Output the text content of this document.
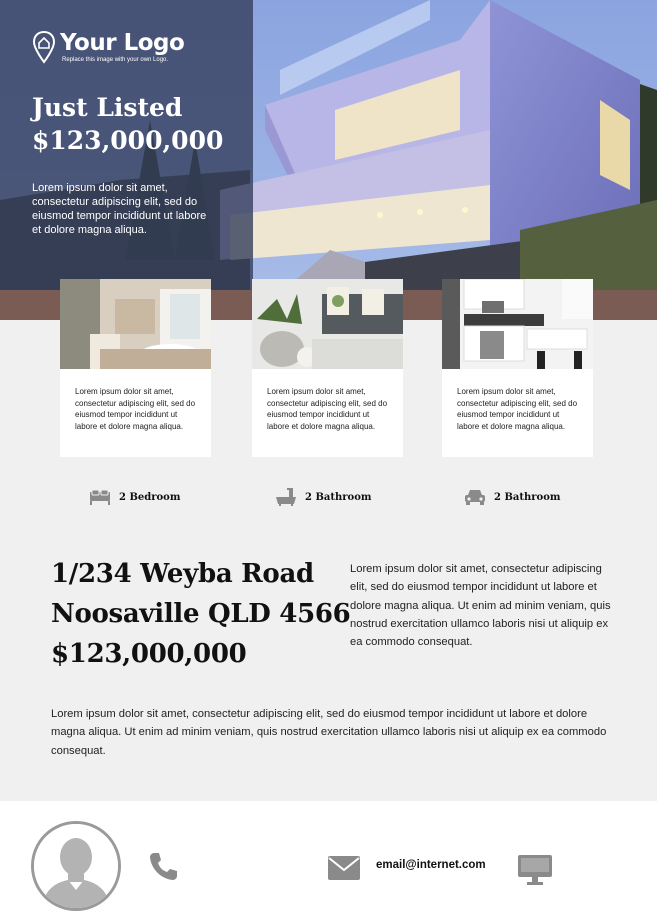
Your Logo
Replace this image with your own Logo.
Just Listed
$123,000,000
Lorem ipsum dolor sit amet, consectetur adipiscing elit, sed do eiusmod tempor incididunt ut labore et dolore magna aliqua.
Lorem ipsum dolor sit amet, consectetur adipiscing elit, sed do eiusmod tempor incididunt ut labore et dolore magna aliqua.
Lorem ipsum dolor sit amet, consectetur adipiscing elit, sed do eiusmod tempor incididunt ut labore et dolore magna aliqua.
Lorem ipsum dolor sit amet, consectetur adipiscing elit, sed do eiusmod tempor incididunt ut labore et dolore magna aliqua.
2 Bedroom	2 Bathroom	2 Bathroom
1/234 Weyba Road
Noosaville QLD 4566
$123,000,000
Lorem ipsum dolor sit amet, consectetur adipiscing elit, sed do eiusmod tempor incididunt ut labore et dolore magna aliqua. Ut enim ad minim veniam, quis nostrud exercitation ullamco laboris nisi ut aliquip ex ea commodo consequat.
Lorem ipsum dolor sit amet, consectetur adipiscing elit, sed do eiusmod tempor incididunt ut labore et dolore magna aliqua. Ut enim ad minim veniam, quis nostrud exercitation ullamco laboris nisi ut aliquip ex ea commodo consequat.
email@internet.com
